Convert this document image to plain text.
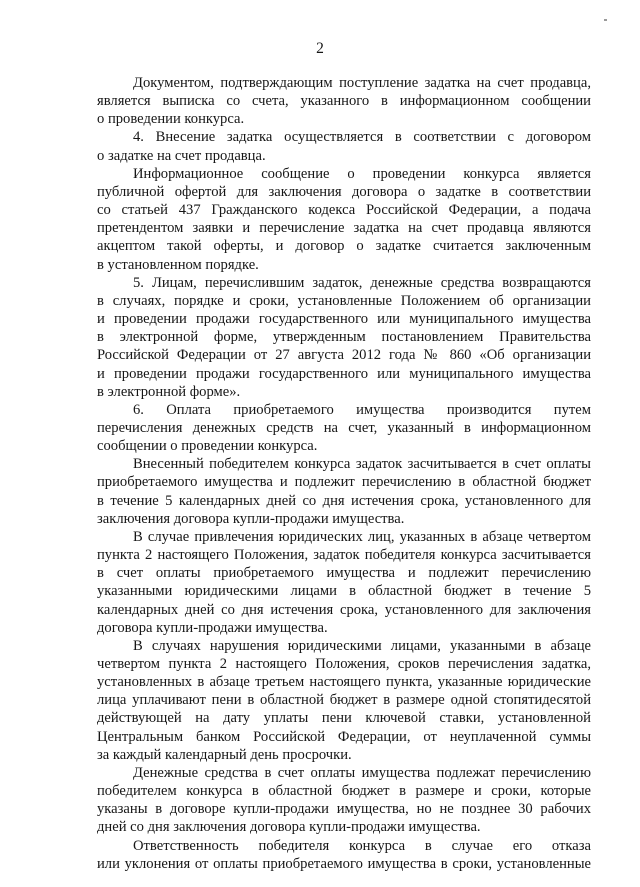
2
Документом, подтверждающим поступление задатка на счет продавца,
является выписка со счета, указанного в информационном сообщении
о проведении конкурса.
4. Внесение задатка осуществляется в соответствии с договором
о задатке на счет продавца.
Информационное сообщение о проведении конкурса является
публичной офертой для заключения договора о задатке в соответствии
со статьей 437 Гражданского кодекса Российской Федерации, а подача
претендентом заявки и перечисление задатка на счет продавца являются
акцептом такой оферты, и договор о задатке считается заключенным
в установленном порядке.
5. Лицам, перечислившим задаток, денежные средства возвращаются
в случаях, порядке и сроки, установленные Положением об организации
и проведении продажи государственного или муниципального имущества
в электронной форме, утвержденным постановлением Правительства
Российской Федерации от 27 августа 2012 года № 860 «Об организации
и проведении продажи государственного или муниципального имущества
в электронной форме».
6. Оплата приобретаемого имущества производится путем
перечисления денежных средств на счет, указанный в информационном
сообщении о проведении конкурса.
Внесенный победителем конкурса задаток засчитывается в счет оплаты
приобретаемого имущества и подлежит перечислению в областной бюджет
в течение 5 календарных дней со дня истечения срока, установленного для
заключения договора купли-продажи имущества.
В случае привлечения юридических лиц, указанных в абзаце четвертом
пункта 2 настоящего Положения, задаток победителя конкурса засчитывается
в счет оплаты приобретаемого имущества и подлежит перечислению
указанными юридическими лицами в областной бюджет в течение 5
календарных дней со дня истечения срока, установленного для заключения
договора купли-продажи имущества.
В случаях нарушения юридическими лицами, указанными в абзаце
четвертом пункта 2 настоящего Положения, сроков перечисления задатка,
установленных в абзаце третьем настоящего пункта, указанные юридические
лица уплачивают пени в областной бюджет в размере одной стопятидесятой
действующей на дату уплаты пени ключевой ставки, установленной
Центральным банком Российской Федерации, от неуплаченной суммы
за каждый календарный день просрочки.
Денежные средства в счет оплаты имущества подлежат перечислению
победителем конкурса в областной бюджет в размере и сроки, которые
указаны в договоре купли-продажи имущества, но не позднее 30 рабочих
дней со дня заключения договора купли-продажи имущества.
Ответственность победителя конкурса в случае его отказа
или уклонения от оплаты приобретаемого имущества в сроки, установленные
